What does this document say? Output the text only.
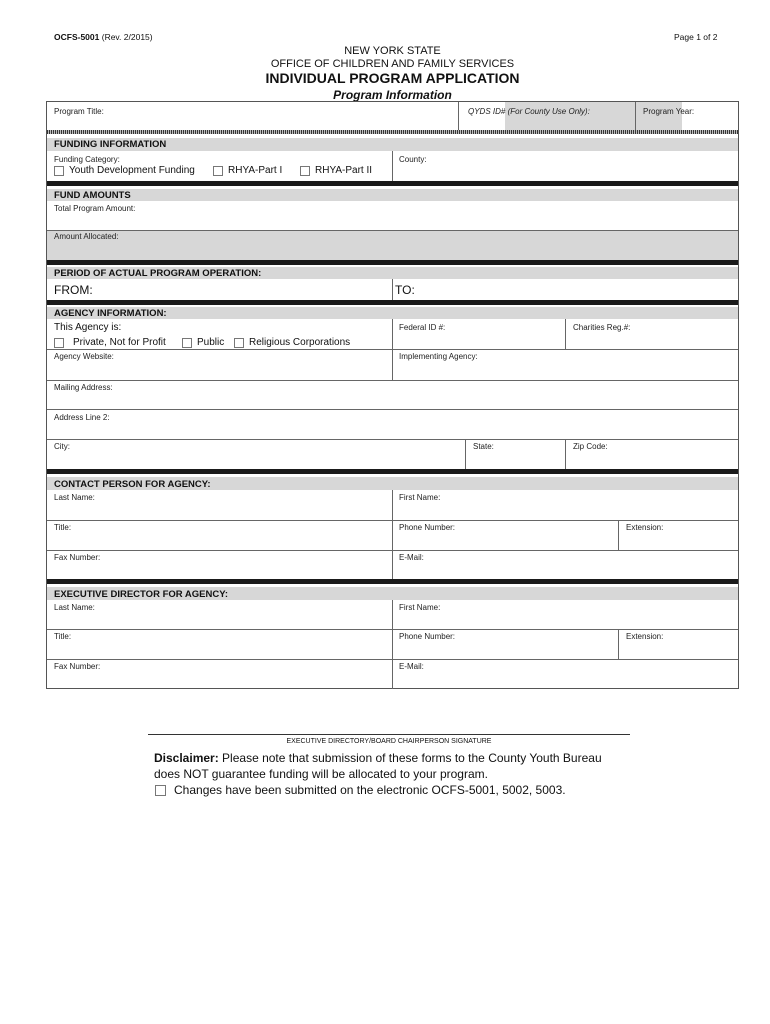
OCFS-5001 (Rev. 2/2015)	Page 1 of 2
NEW YORK STATE
OFFICE OF CHILDREN AND FAMILY SERVICES
INDIVIDUAL PROGRAM APPLICATION
Program Information
Program Title:	QYDS ID# (For County Use Only):	Program Year:
FUNDING INFORMATION
Funding Category:
Youth Development Funding	RHYA-Part I	RHYA-Part II
County:
FUND AMOUNTS
Total Program Amount:
Amount Allocated:
PERIOD OF ACTUAL PROGRAM OPERATION:
FROM:	TO:
AGENCY INFORMATION:
This Agency is:
Private, Not for Profit	Public Religious Corporations
Federal ID #:	Charities Reg.#:
Agency Website:	Implementing Agency:
Mailing Address:
Address Line 2:
City:	State:	Zip Code:
CONTACT PERSON FOR AGENCY:
Last Name:	First Name:
Title:	Phone Number:	Extension:
Fax Number:	E-Mail:
EXECUTIVE DIRECTOR FOR AGENCY:
Last Name:	First Name:
Title:	Phone Number:	Extension:
Fax Number:	E-Mail:
EXECUTIVE DIRECTORY/BOARD CHAIRPERSON SIGNATURE
Disclaimer: Please note that submission of these forms to the County Youth Bureau does NOT guarantee funding will be allocated to your program.
Changes have been submitted on the electronic OCFS-5001, 5002, 5003.
